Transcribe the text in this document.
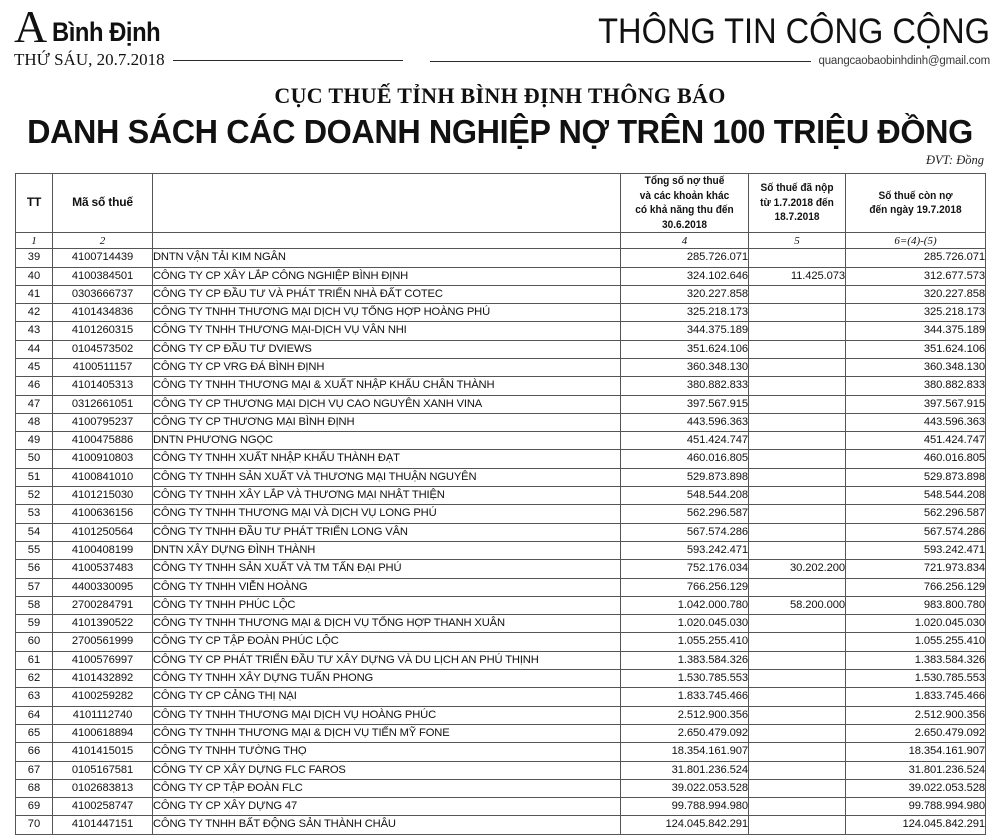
A Bình Định
THỨ SÁU, 20.7.2018
THÔNG TIN CÔNG CỘNG
quangcaobaobinhdinh@gmail.com
CỤC THUẾ TỈNH BÌNH ĐỊNH THÔNG BÁO
DANH SÁCH CÁC DOANH NGHIỆP NỢ TRÊN 100 TRIỆU ĐỒNG
ĐVT: Đồng
TT	Mã số thuế		Tổng số nợ thuế
và các khoản khác
có khả năng thu đến 30.6.2018	Số thuế đã nộp
từ 1.7.2018 đến
18.7.2018	Số thuế còn nợ
đến ngày 19.7.2018

1	2		4	5	6=(4)-(5)
39	4100714439	DNTN VẬN TẢI KIM NGÂN	285.726.071		285.726.071
40	4100384501	CÔNG TY CP XÂY LẮP CÔNG NGHIỆP BÌNH ĐỊNH	324.102.646	11.425.073	312.677.573
41	0303666737	CÔNG TY CP ĐẦU TƯ VÀ PHÁT TRIỂN NHÀ ĐẤT COTEC	320.227.858		320.227.858
42	4101434836	CÔNG TY TNHH THƯƠNG MẠI DỊCH VỤ TỔNG HỢP HOÀNG PHÚ	325.218.173		325.218.173
43	4101260315	CÔNG TY TNHH THƯƠNG MẠI-DỊCH VỤ VÂN NHI	344.375.189		344.375.189
44	0104573502	CÔNG TY CP ĐẦU TƯ DVIEWS	351.624.106		351.624.106
45	4100511157	CÔNG TY CP VRG ĐÁ BÌNH ĐỊNH	360.348.130		360.348.130
46	4101405313	CÔNG TY TNHH THƯƠNG MẠI & XUẤT NHẬP KHẨU CHÂN THÀNH	380.882.833		380.882.833
47	0312661051	CÔNG TY CP THƯƠNG MẠI DỊCH VỤ CAO NGUYÊN XANH VINA	397.567.915		397.567.915
48	4100795237	CÔNG TY CP THƯƠNG MẠI BÌNH ĐỊNH	443.596.363		443.596.363
49	4100475886	DNTN PHƯƠNG NGỌC	451.424.747		451.424.747
50	4100910803	CÔNG TY TNHH XUẤT NHẬP KHẨU THÀNH ĐẠT	460.016.805		460.016.805
51	4100841010	CÔNG TY TNHH SẢN XUẤT VÀ THƯƠNG MẠI THUẬN NGUYÊN	529.873.898		529.873.898
52	4101215030	CÔNG TY TNHH XÂY LẮP VÀ THƯƠNG MẠI NHẬT THIỆN	548.544.208		548.544.208
53	4100636156	CÔNG TY TNHH THƯƠNG MẠI VÀ DỊCH VỤ LONG PHÚ	562.296.587		562.296.587
54	4101250564	CÔNG TY TNHH ĐẦU TƯ PHÁT TRIỂN LONG VÂN	567.574.286		567.574.286
55	4100408199	DNTN XÂY DỰNG ĐÌNH THÀNH	593.242.471		593.242.471
56	4100537483	CÔNG TY TNHH SẢN XUẤT VÀ TM TẤN ĐẠI PHÚ	752.176.034	30.202.200	721.973.834
57	4400330095	CÔNG TY TNHH VIỄN HOÀNG	766.256.129		766.256.129
58	2700284791	CÔNG TY TNHH PHÚC LỘC	1.042.000.780	58.200.000	983.800.780
59	4101390522	CÔNG TY TNHH THƯƠNG MẠI & DỊCH VỤ TỔNG HỢP THANH XUÂN	1.020.045.030		1.020.045.030
60	2700561999	CÔNG TY CP TẬP ĐOÀN PHÚC LỘC	1.055.255.410		1.055.255.410
61	4100576997	CÔNG TY CP PHÁT TRIỂN ĐẦU TƯ XÂY DỰNG VÀ DU LỊCH AN PHÚ THỊNH	1.383.584.326		1.383.584.326
62	4101432892	CÔNG TY TNHH XÂY DỰNG TUẤN PHONG	1.530.785.553		1.530.785.553
63	4100259282	CÔNG TY CP CẢNG THỊ NẠI	1.833.745.466		1.833.745.466
64	4101112740	CÔNG TY TNHH THƯƠNG MẠI DỊCH VỤ HOÀNG PHÚC	2.512.900.356		2.512.900.356
65	4100618894	CÔNG TY TNHH THƯƠNG MẠI & DỊCH VỤ TIẾN MỸ FONE	2.650.479.092		2.650.479.092
66	4101415015	CÔNG TY TNHH TƯỜNG THỌ	18.354.161.907		18.354.161.907
67	0105167581	CÔNG TY CP XÂY DỰNG FLC FAROS	31.801.236.524		31.801.236.524
68	0102683813	CÔNG TY CP TẬP ĐOÀN FLC	39.022.053.528		39.022.053.528
69	4100258747	CÔNG TY CP XÂY DỰNG 47	99.788.994.980		99.788.994.980
70	4101447151	CÔNG TY TNHH BẤT ĐỘNG SẢN THÀNH CHÂU	124.045.842.291		124.045.842.291
